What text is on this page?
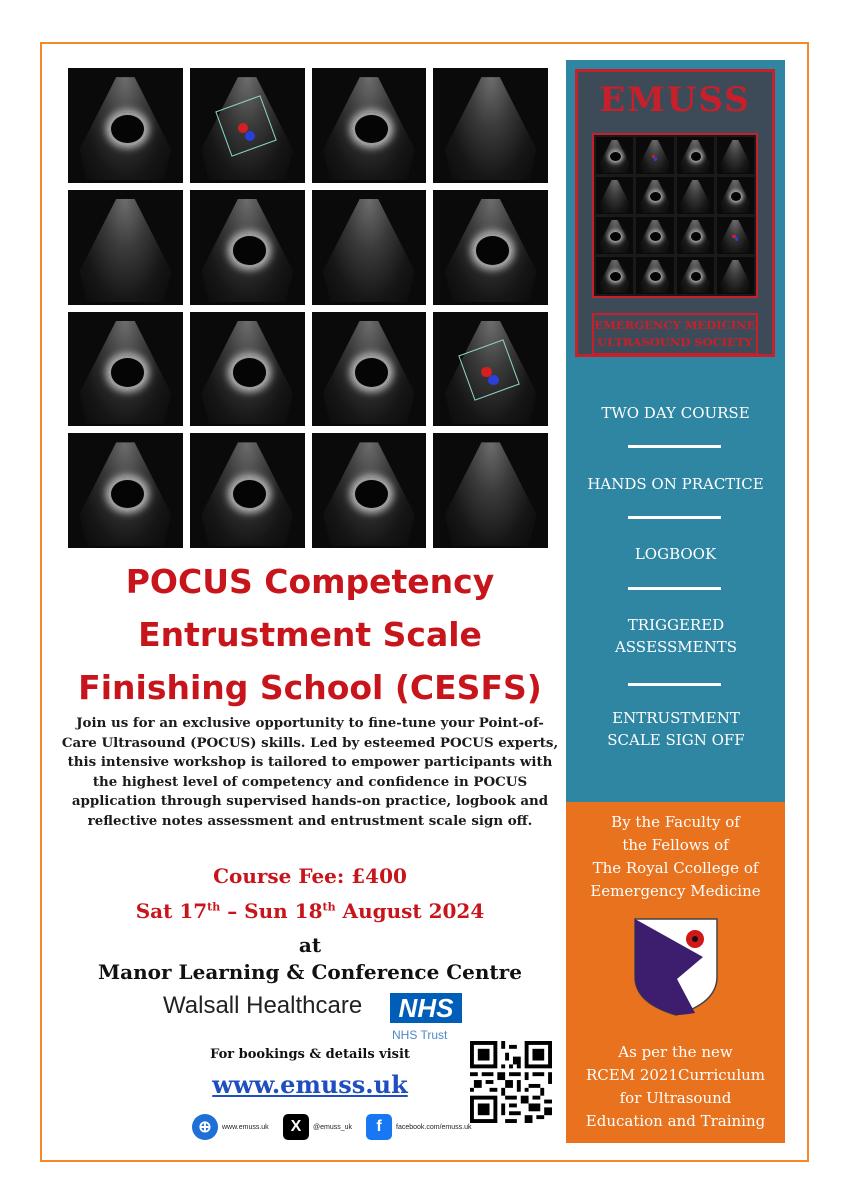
POCUS Competency
Entrustment Scale
Finishing School (CESFS)
Join us for an exclusive opportunity to fine-tune your Point-of-Care Ultrasound (POCUS) skills. Led by esteemed POCUS experts, this intensive workshop is tailored to empower participants with the highest level of competency and confidence in POCUS application through supervised hands-on practice, logbook and reflective notes assessment and entrustment scale sign off.
Course Fee: £400
Sat 17th – Sun 18th August 2024
at
Manor Learning & Conference Centre
Walsall Healthcare	NHS
NHS Trust
For bookings & details visit
www.emuss.uk
⊕	www.emuss.uk	X	@emuss_uk	f	facebook.com/emuss.uk
EMUSS
EMERGENCY MEDICINE
ULTRASOUND SOCIETY
TWO DAY COURSE
HANDS ON PRACTICE
LOGBOOK
TRIGGERED ASSESSMENTS
ENTRUSTMENT SCALE SIGN OFF
By the Faculty of
the Fellows of
The Royal Ccollege of
Eemergency Medicine
As per the new
RCEM 2021Curriculum
for Ultrasound
Education and Training
